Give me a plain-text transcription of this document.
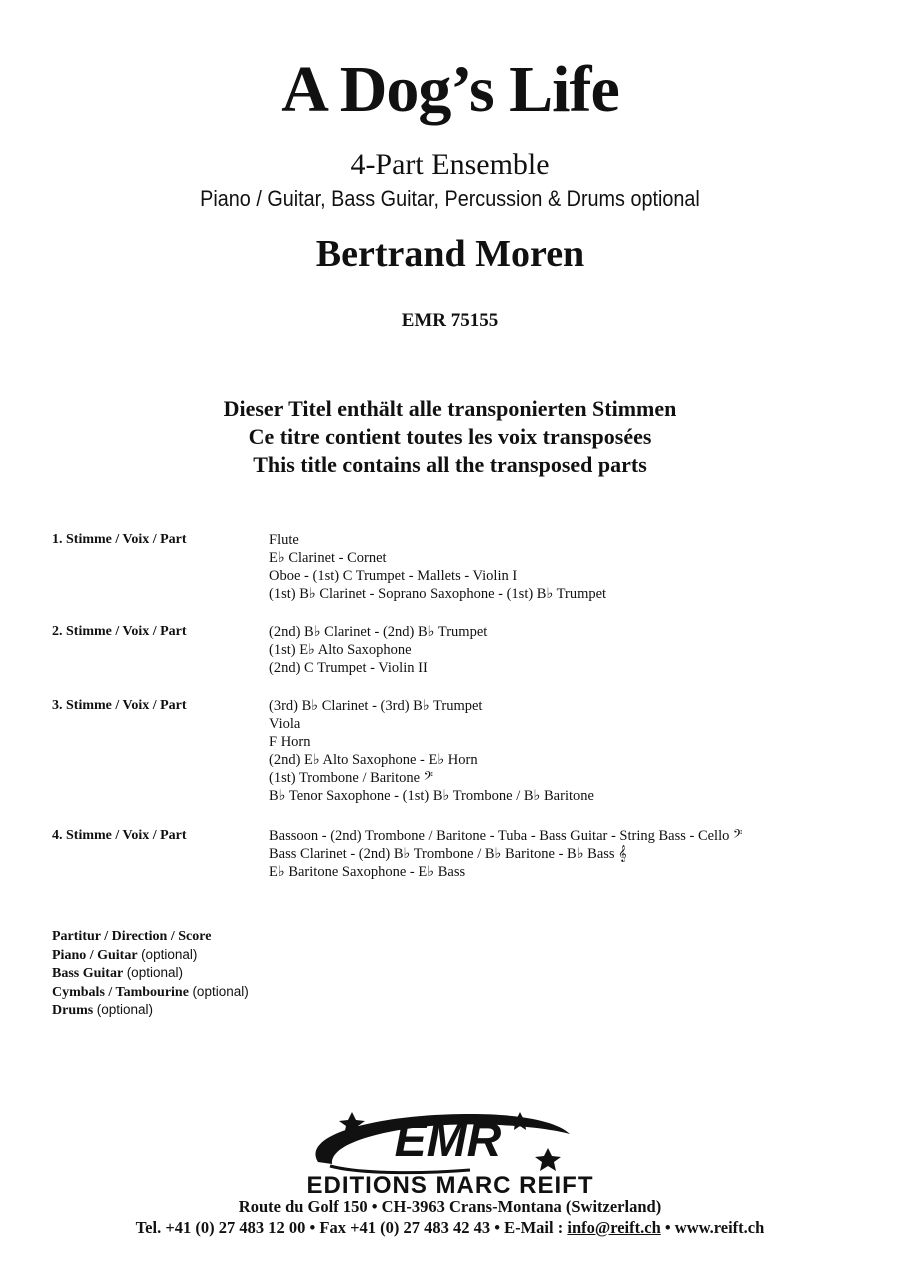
A Dog’s Life
4-Part Ensemble
Piano / Guitar, Bass Guitar, Percussion & Drums optional
Bertrand Moren
EMR 75155
Dieser Titel enthält alle transponierten Stimmen
Ce titre contient toutes les voix transposées
This title contains all the transposed parts
1. Stimme / Voix / Part	Flute
E♭ Clarinet - Cornet
Oboe - (1st) C Trumpet - Mallets - Violin I
(1st) B♭ Clarinet - Soprano Saxophone - (1st) B♭ Trumpet
2. Stimme / Voix / Part	(2nd) B♭ Clarinet - (2nd) B♭ Trumpet
(1st) E♭ Alto Saxophone
(2nd) C Trumpet - Violin II
3. Stimme / Voix / Part	(3rd) B♭ Clarinet - (3rd) B♭ Trumpet
Viola
F Horn
(2nd) E♭ Alto Saxophone - E♭ Horn
(1st) Trombone / Baritone 𝄢
B♭ Tenor Saxophone - (1st) B♭ Trombone / B♭ Baritone
4. Stimme / Voix / Part	Bassoon - (2nd) Trombone / Baritone - Tuba - Bass Guitar - String Bass - Cello 𝄢
Bass Clarinet - (2nd) B♭ Trombone / B♭ Baritone - B♭ Bass 𝄞
E♭ Baritone Saxophone - E♭ Bass
Partitur / Direction / Score
Piano / Guitar (optional)
Bass Guitar (optional)
Cymbals / Tambourine (optional)
Drums (optional)
EMR
EDITIONS MARC REIFT
Route du Golf 150 • CH-3963 Crans-Montana (Switzerland)
Tel. +41 (0) 27 483 12 00 • Fax +41 (0) 27 483 42 43 • E-Mail : info@reift.ch • www.reift.ch
